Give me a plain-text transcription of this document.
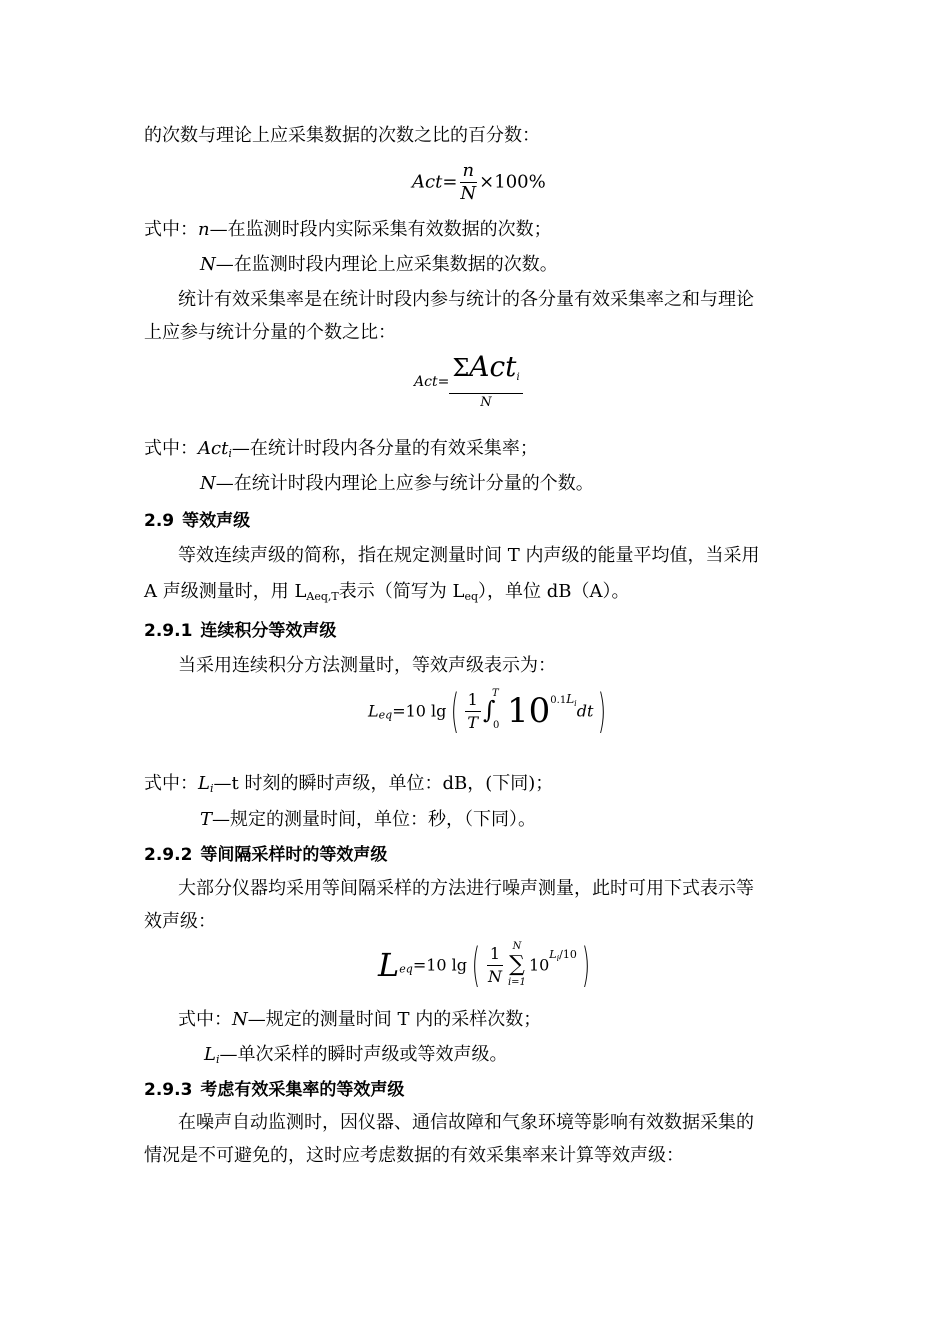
的次数与理论上应采集数据的次数之比的百分数：
$Act= \frac{n}{N} \times 100\%$
式中：n—在监测时段内实际采集有效数据的次数；
N—在监测时段内理论上应采集数据的次数。
统计有效采集率是在统计时段内参与统计的各分量有效采集率之和与理论
上应参与统计分量的个数之比：
$Act= \frac{\Sigma Act_i}{N}$
式中：Act$_i$—在统计时段内各分量的有效采集率；
N—在统计时段内理论上应参与统计分量的个数。
2.9 等效声级
等效连续声级的简称，指在规定测量时间 T 内声级的能量平均值，当采用
A 声级测量时，用 $L_{Aeq,T}$表示（简写为 $L_{eq}$），单位 dB（A）。
2.9.1 连续积分等效声级
当采用连续积分方法测量时，等效声级表示为：
$L_{eq}=10$ lg ( $\frac{1}{T}$ ∫
T
0 $100.1L_idt$ )
式中：$L_i—t$ 时刻的瞬时声级，单位：dB，(下同)；
T—规定的测量时间，单位：秒，（下同）。
2.9.2 等间隔采样时的等效声级
大部分仪器均采用等间隔采样的方法进行噪声测量，此时可用下式表示等
效声级：
$L_{eq}=10$ lg ( $\frac{1}{N}$ N
∑
i=1
$10L_i/10$ )
式中：N—规定的测量时间 T 内的采样次数；
$L_i—$单次采样的瞬时声级或等效声级。
2.9.3 考虑有效采集率的等效声级
在噪声自动监测时，因仪器、通信故障和气象环境等影响有效数据采集的
情况是不可避免的，这时应考虑数据的有效采集率来计算等效声级：
